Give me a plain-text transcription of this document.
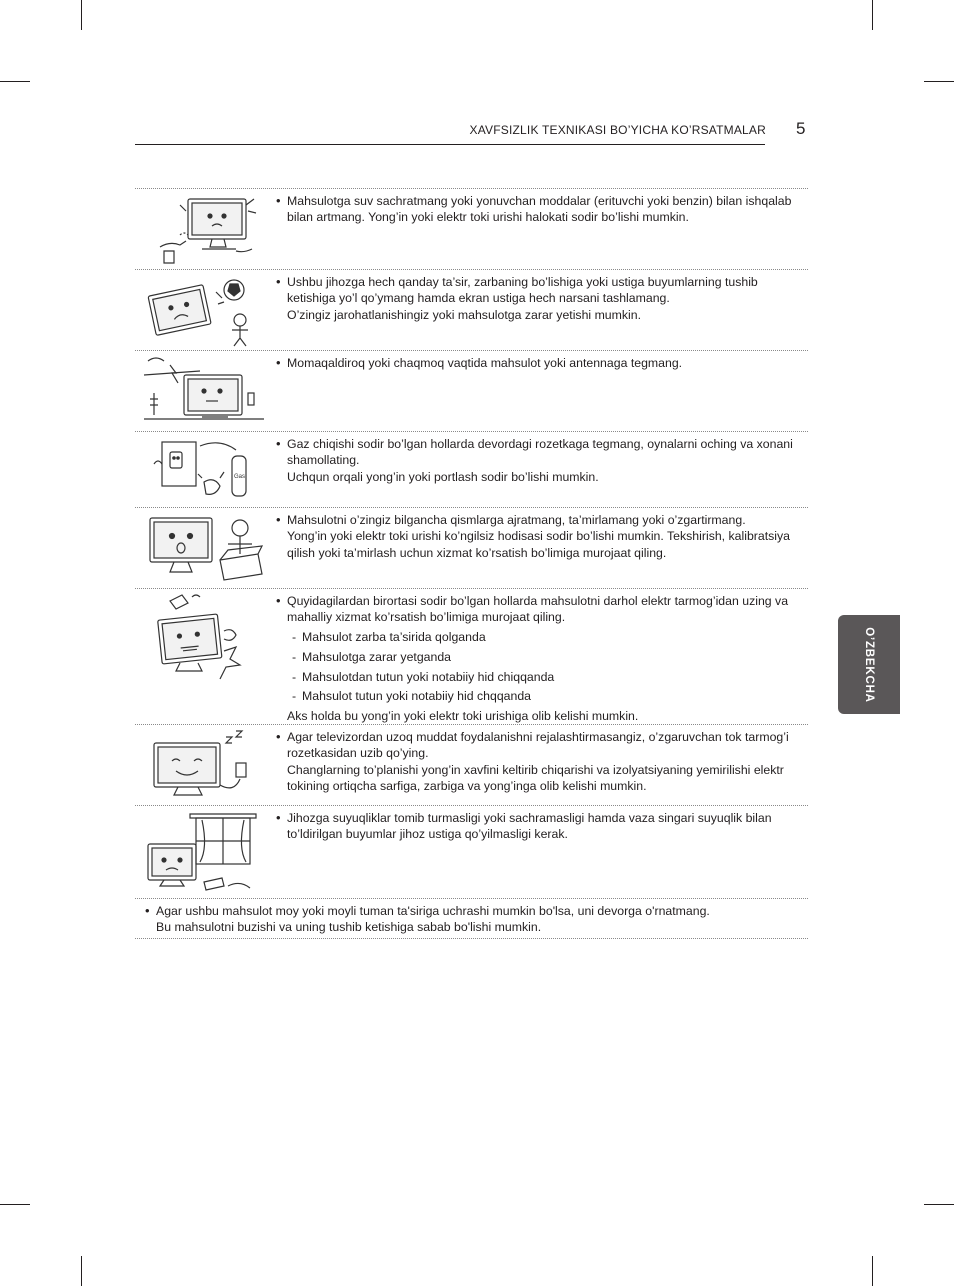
XAVFSIZLIK TEXNIKASI BO’YICHA KO’RSATMALAR 5
O’ZBEKCHA
• Mahsulotga suv sachratmang yoki yonuvchan moddalar (erituvchi yoki benzin) bilan ishqalab bilan artmang. Yong’in yoki elektr toki urishi halokati sodir bo’lishi mumkin.
• Ushbu jihozga hech qanday ta’sir, zarbaning bo’lishiga yoki ustiga buyumlarning tushib ketishiga yo’l qo’ymang hamda ekran ustiga hech narsani tashlamang.
O’zingiz jarohatlanishingiz yoki mahsulotga zarar yetishi mumkin.
• Momaqaldiroq yoki chaqmoq vaqtida mahsulot yoki antennaga tegmang.
Gas
• Gaz chiqishi sodir bo’lgan hollarda devordagi rozetkaga tegmang, oynalarni oching va xonani shamollating.
Uchqun orqali yong’in yoki portlash sodir bo’lishi mumkin.
• Mahsulotni o’zingiz bilgancha qismlarga ajratmang, ta’mirlamang yoki o’zgartirmang.
Yong’in yoki elektr toki urishi ko’ngilsiz hodisasi sodir bo’lishi mumkin. Tekshirish, kalibratsiya qilish yoki ta’mirlash uchun xizmat ko’rsatish bo’limiga murojaat qiling.
• Quyidagilardan birortasi sodir bo’lgan hollarda mahsulotni darhol elektr tarmog’idan uzing va mahalliy xizmat ko’rsatish bo’limiga murojaat qiling.
- Mahsulot zarba ta’sirida qolganda
- Mahsulotga zarar yetganda
- Mahsulotdan tutun yoki notabiiy hid chiqqanda
- Mahsulot tutun yoki notabiiy hid chqqanda
Aks holda bu yong’in yoki elektr toki urishiga olib kelishi mumkin.
• Agar televizordan uzoq muddat foydalanishni rejalashtirmasangiz, o’zgaruvchan tok tarmog’i rozetkasidan uzib qo’ying.
Changlarning to’planishi yong’in xavfini keltirib chiqarishi va izolyatsiyaning yemirilishi elektr tokining ortiqcha sarfiga, zarbiga va yong’inga olib kelishi mumkin.
• Jihozga suyuqliklar tomib turmasligi yoki sachramasligi hamda vaza singari suyuqlik bilan to’ldirilgan buyumlar jihoz ustiga qo’yilmasligi kerak.
• Agar ushbu mahsulot moy yoki moyli tuman ta'siriga uchrashi mumkin bo'lsa, uni devorga o'rnatmang.
Bu mahsulotni buzishi va uning tushib ketishiga sabab bo'lishi mumkin.
